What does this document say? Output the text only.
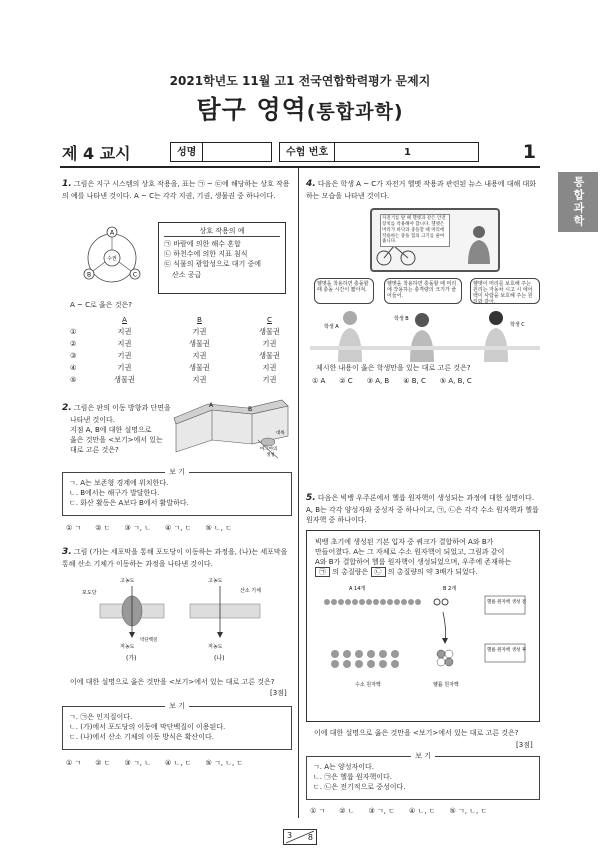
2021학년도 11월 고1 전국연합학력평가 문제지
탐구 영역(통합과학)
제 4 교시	성명	수험 번호	1	1
통합과학
1. 그림은 지구 시스템의 상호 작용을, 표는 ㉠ ~ ㉢에 해당하는 상호 작용의 예를 나타낸 것이다. A ~ C는 각각 지권, 기권, 생물권 중 하나이다.
수권
A
B	C
상호 작용의 예
㉠ 바람에 의한 해수 혼합
㉡ 하천수에 의한 지표 침식
㉢ 식물의 광합성으로 대기 중에
산소 공급
A ~ C로 옳은 것은?
	A	B	C
①	지권	기권	생물권
②	지권	생물권	기권
③	기권	지권	생물권
④	기권	생물권	지권
⑤	생물권	지권	기권
2. 그림은 판의 이동 방향과 단면을
나타낸 것이다.
지점 A, B에 대한 설명으로
옳은 것만을 <보기>에서 있는
대로 고른 것은?
A
B
마그마의
생성
대륙
보 기
ㄱ. A는 보존형 경계에 위치한다.
ㄴ. B에서는 해구가 발달한다.
ㄷ. 화산 활동은 A보다 B에서 활발하다.
① ㄱ ② ㄷ ③ ㄱ, ㄴ ④ ㄱ, ㄷ ⑤ ㄴ, ㄷ
3. 그림 (가)는 세포막을 통해 포도당이 이동하는 과정을, (나)는 세포막을 통해 산소 기체가 이동하는 과정을 나타낸 것이다.
고농도
포도당
저농도
막단백질
(가)
고농도
산소 기체
저농도
(나)
이에 대한 설명으로 옳은 것만을 <보기>에서 있는 대로 고른 것은?
[3점]
보 기
ㄱ. ㉠은 인지질이다.
ㄴ. (가)에서 포도당의 이동에 막단백질이 이용된다.
ㄷ. (나)에서 산소 기체의 이동 방식은 확산이다.
① ㄱ ② ㄷ ③ ㄱ, ㄴ ④ ㄴ, ㄷ ⑤ ㄱ, ㄴ, ㄷ
4. 다음은 학생 A ~ C가 자전거 헬멧 작용과 관련된 뉴스 내용에 대해 대화하는 모습을 나타낸 것이다.
자전거를 탈 때 헬멧과 같은 안전장치를 착용해야 합니다. 헬멧은 머리가 바닥과 충돌할 때 머리에 작용하는 충돌 힘의 크기를 줄여 줍니다.
헬멧을 착용하면 충돌할 때 충돌 시간이 짧아져.
헬멧을 착용하면 충돌할 때 머리에 작용하는 충격량의 크기가 줄어들어.
헬멧이 머리를 보호해 주는 원리는 자동차 시고 시 에어백이 사람을 보호해 주는 원리와 같아.
학생 A
학생 B
학생 C
제시한 내용이 옳은 학생만을 있는 대로 고른 것은?
① A ② C ③ A, B ④ B, C ⑤ A, B, C
5. 다음은 빅뱅 우주론에서 헬륨 원자핵이 생성되는 과정에 대한 설명이다. A, B는 각각 양성자와 중성자 중 하나이고, ㉠, ㉡은 각각 수소 원자핵과 헬륨 원자핵 중 하나이다.
빅뱅 초기에 생성된 기본 입자 중 쿼크가 결합하여 A와 B가
만들어졌다. A는 그 자체로 수소 원자핵이 되었고, 그림과 같이
A와 B가 결합하여 헬륨 원자핵이 생성되었으며, 우주에 존재하는
㉠ 의 총질량은 ㉡ 의 총질량의 약 3배가 되었다.
A 14개	B 2개
헬륨 원자핵 생성 전
헬륨 원자핵 생성 후
수소 원자핵	헬륨 원자핵
이에 대한 설명으로 옳은 것만을 <보기>에서 있는 대로 고른 것은?
[3점]
보 기
ㄱ. A는 양성자이다.
ㄴ. ㉠은 헬륨 원자핵이다.
ㄷ. ㉡은 전기적으로 중성이다.
① ㄱ ② ㄴ ③ ㄱ, ㄷ ④ ㄴ, ㄷ ⑤ ㄱ, ㄴ, ㄷ
3 8
